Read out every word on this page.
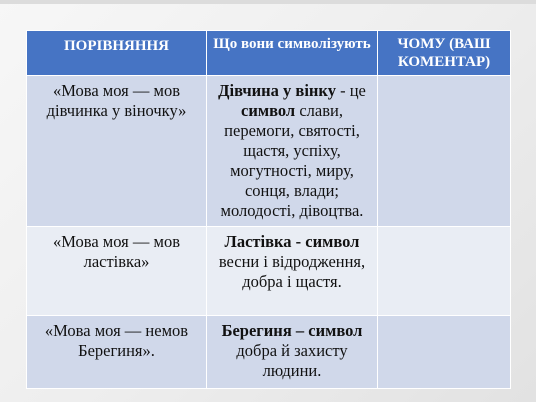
ПОРІВНЯННЯ	Що вони символізують	ЧОМУ (ВАШ КОМЕНТАР)
«Мова моя — мов дівчинка у віночку»	Дівчина у вінку - це символ слави, перемоги, святості, щастя, успіху, могутності, миру, сонця, влади; молодості, дівоцтва.	
«Мова моя — мов ластівка»	Ластівка - символ весни і відродження, добра і щастя.	
«Мова моя — немов Берегиня».	Берегиня – символ добра й захисту людини.	
